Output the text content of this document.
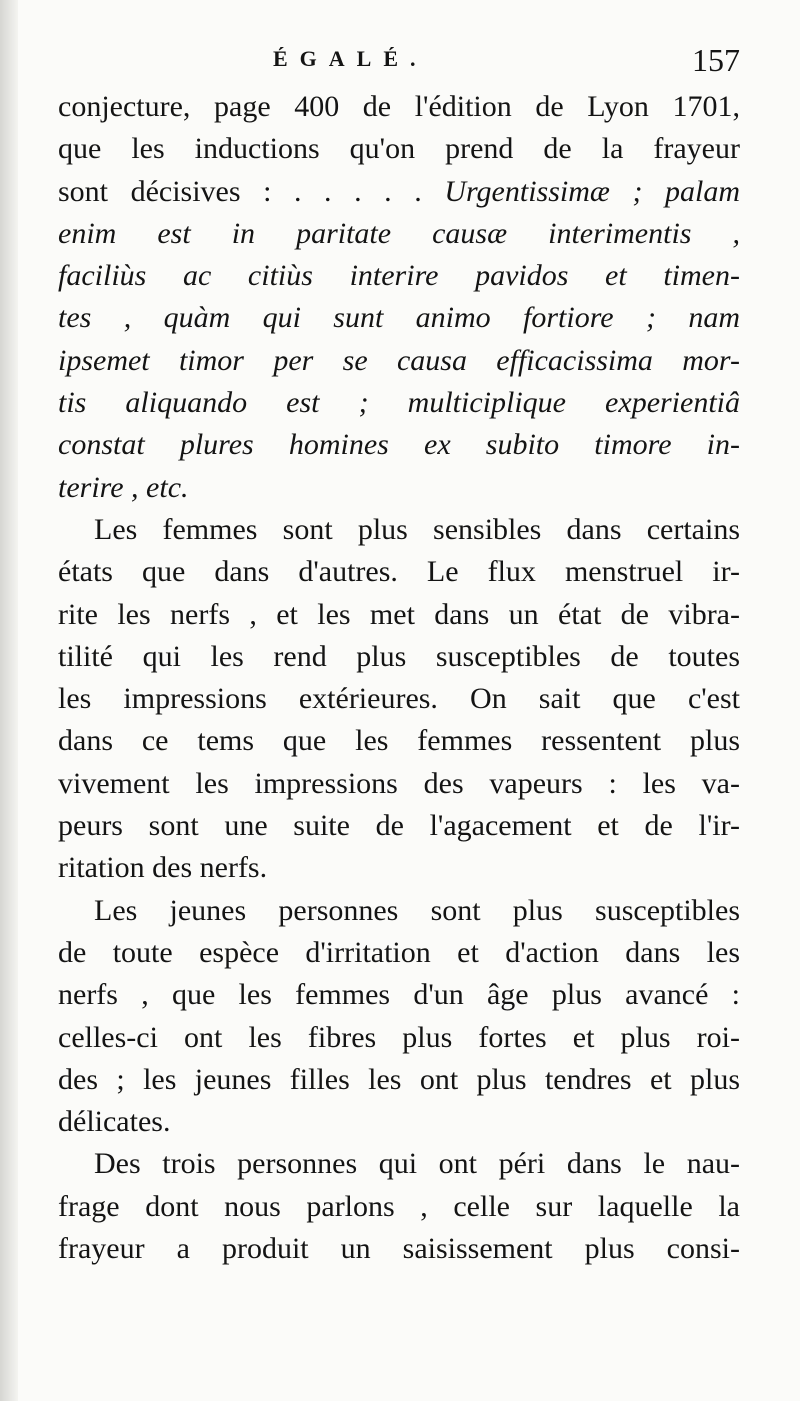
ÉGALÉ.	157
conjecture, page 400 de l'édition de Lyon 1701,
que les inductions qu'on prend de la frayeur
sont décisives : . . . . . Urgentissimæ ; palam
enim est in paritate causæ interimentis ,
faciliùs ac citiùs interire pavidos et timen-
tes , quàm qui sunt animo fortiore ; nam
ipsemet timor per se causa efficacissima mor-
tis aliquando est ; multiciplique experientiâ
constat plures homines ex subito timore in-
terire , etc.
Les femmes sont plus sensibles dans certains
états que dans d'autres. Le flux menstruel ir-
rite les nerfs , et les met dans un état de vibra-
tilité qui les rend plus susceptibles de toutes
les impressions extérieures. On sait que c'est
dans ce tems que les femmes ressentent plus
vivement les impressions des vapeurs : les va-
peurs sont une suite de l'agacement et de l'ir-
ritation des nerfs.
Les jeunes personnes sont plus susceptibles
de toute espèce d'irritation et d'action dans les
nerfs , que les femmes d'un âge plus avancé :
celles-ci ont les fibres plus fortes et plus roi-
des ; les jeunes filles les ont plus tendres et plus
délicates.
Des trois personnes qui ont péri dans le nau-
frage dont nous parlons , celle sur laquelle la
frayeur a produit un saisissement plus consi-
